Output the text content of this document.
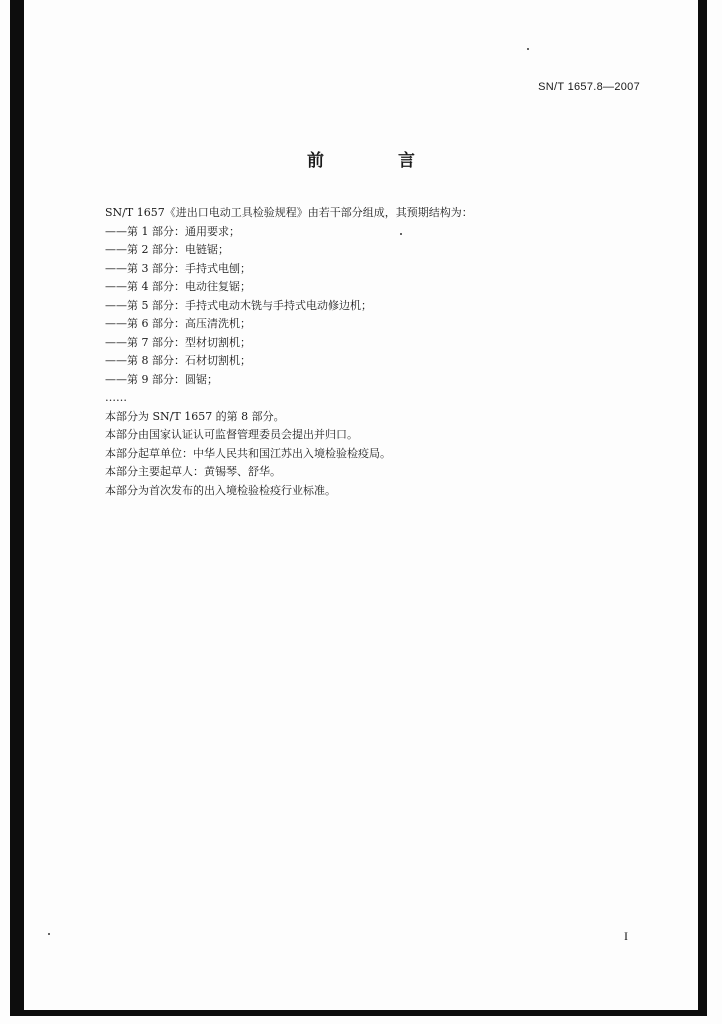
SN/T 1657.8—2007
前 言
SN/T 1657《进出口电动工具检验规程》由若干部分组成，其预期结构为：
——第 1 部分：通用要求；
——第 2 部分：电链锯；
——第 3 部分：手持式电刨；
——第 4 部分：电动往复锯；
——第 5 部分：手持式电动木铣与手持式电动修边机；
——第 6 部分：高压清洗机；
——第 7 部分：型材切割机；
——第 8 部分：石材切割机；
——第 9 部分：圆锯；
……
本部分为 SN/T 1657 的第 8 部分。
本部分由国家认证认可监督管理委员会提出并归口。
本部分起草单位：中华人民共和国江苏出入境检验检疫局。
本部分主要起草人：黄锡琴、舒华。
本部分为首次发布的出入境检验检疫行业标准。
I
